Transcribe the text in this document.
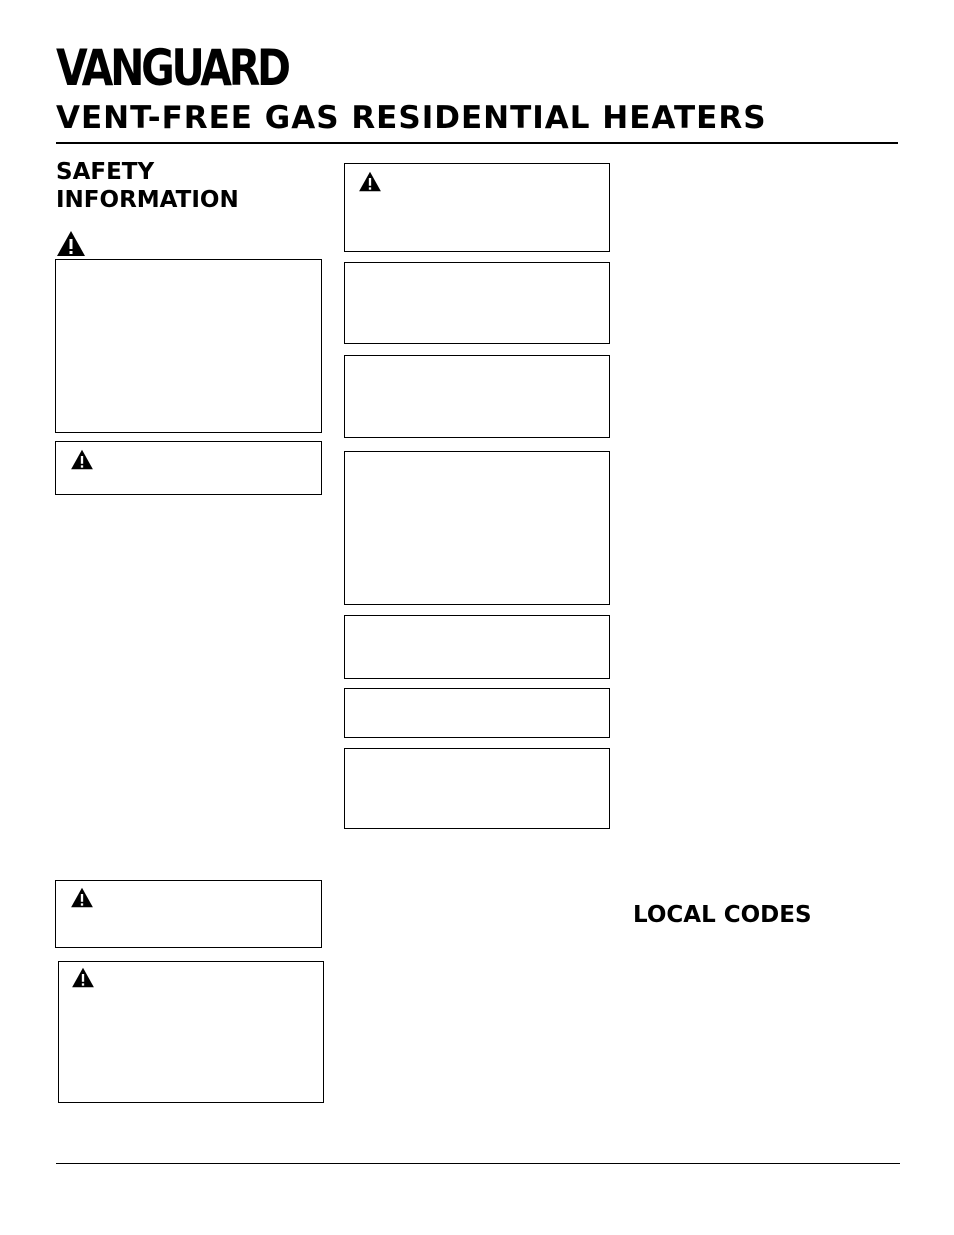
VANGUARD
VENT-FREE GAS RESIDENTIAL HEATERS
SAFETY
INFORMATION
LOCAL CODES
